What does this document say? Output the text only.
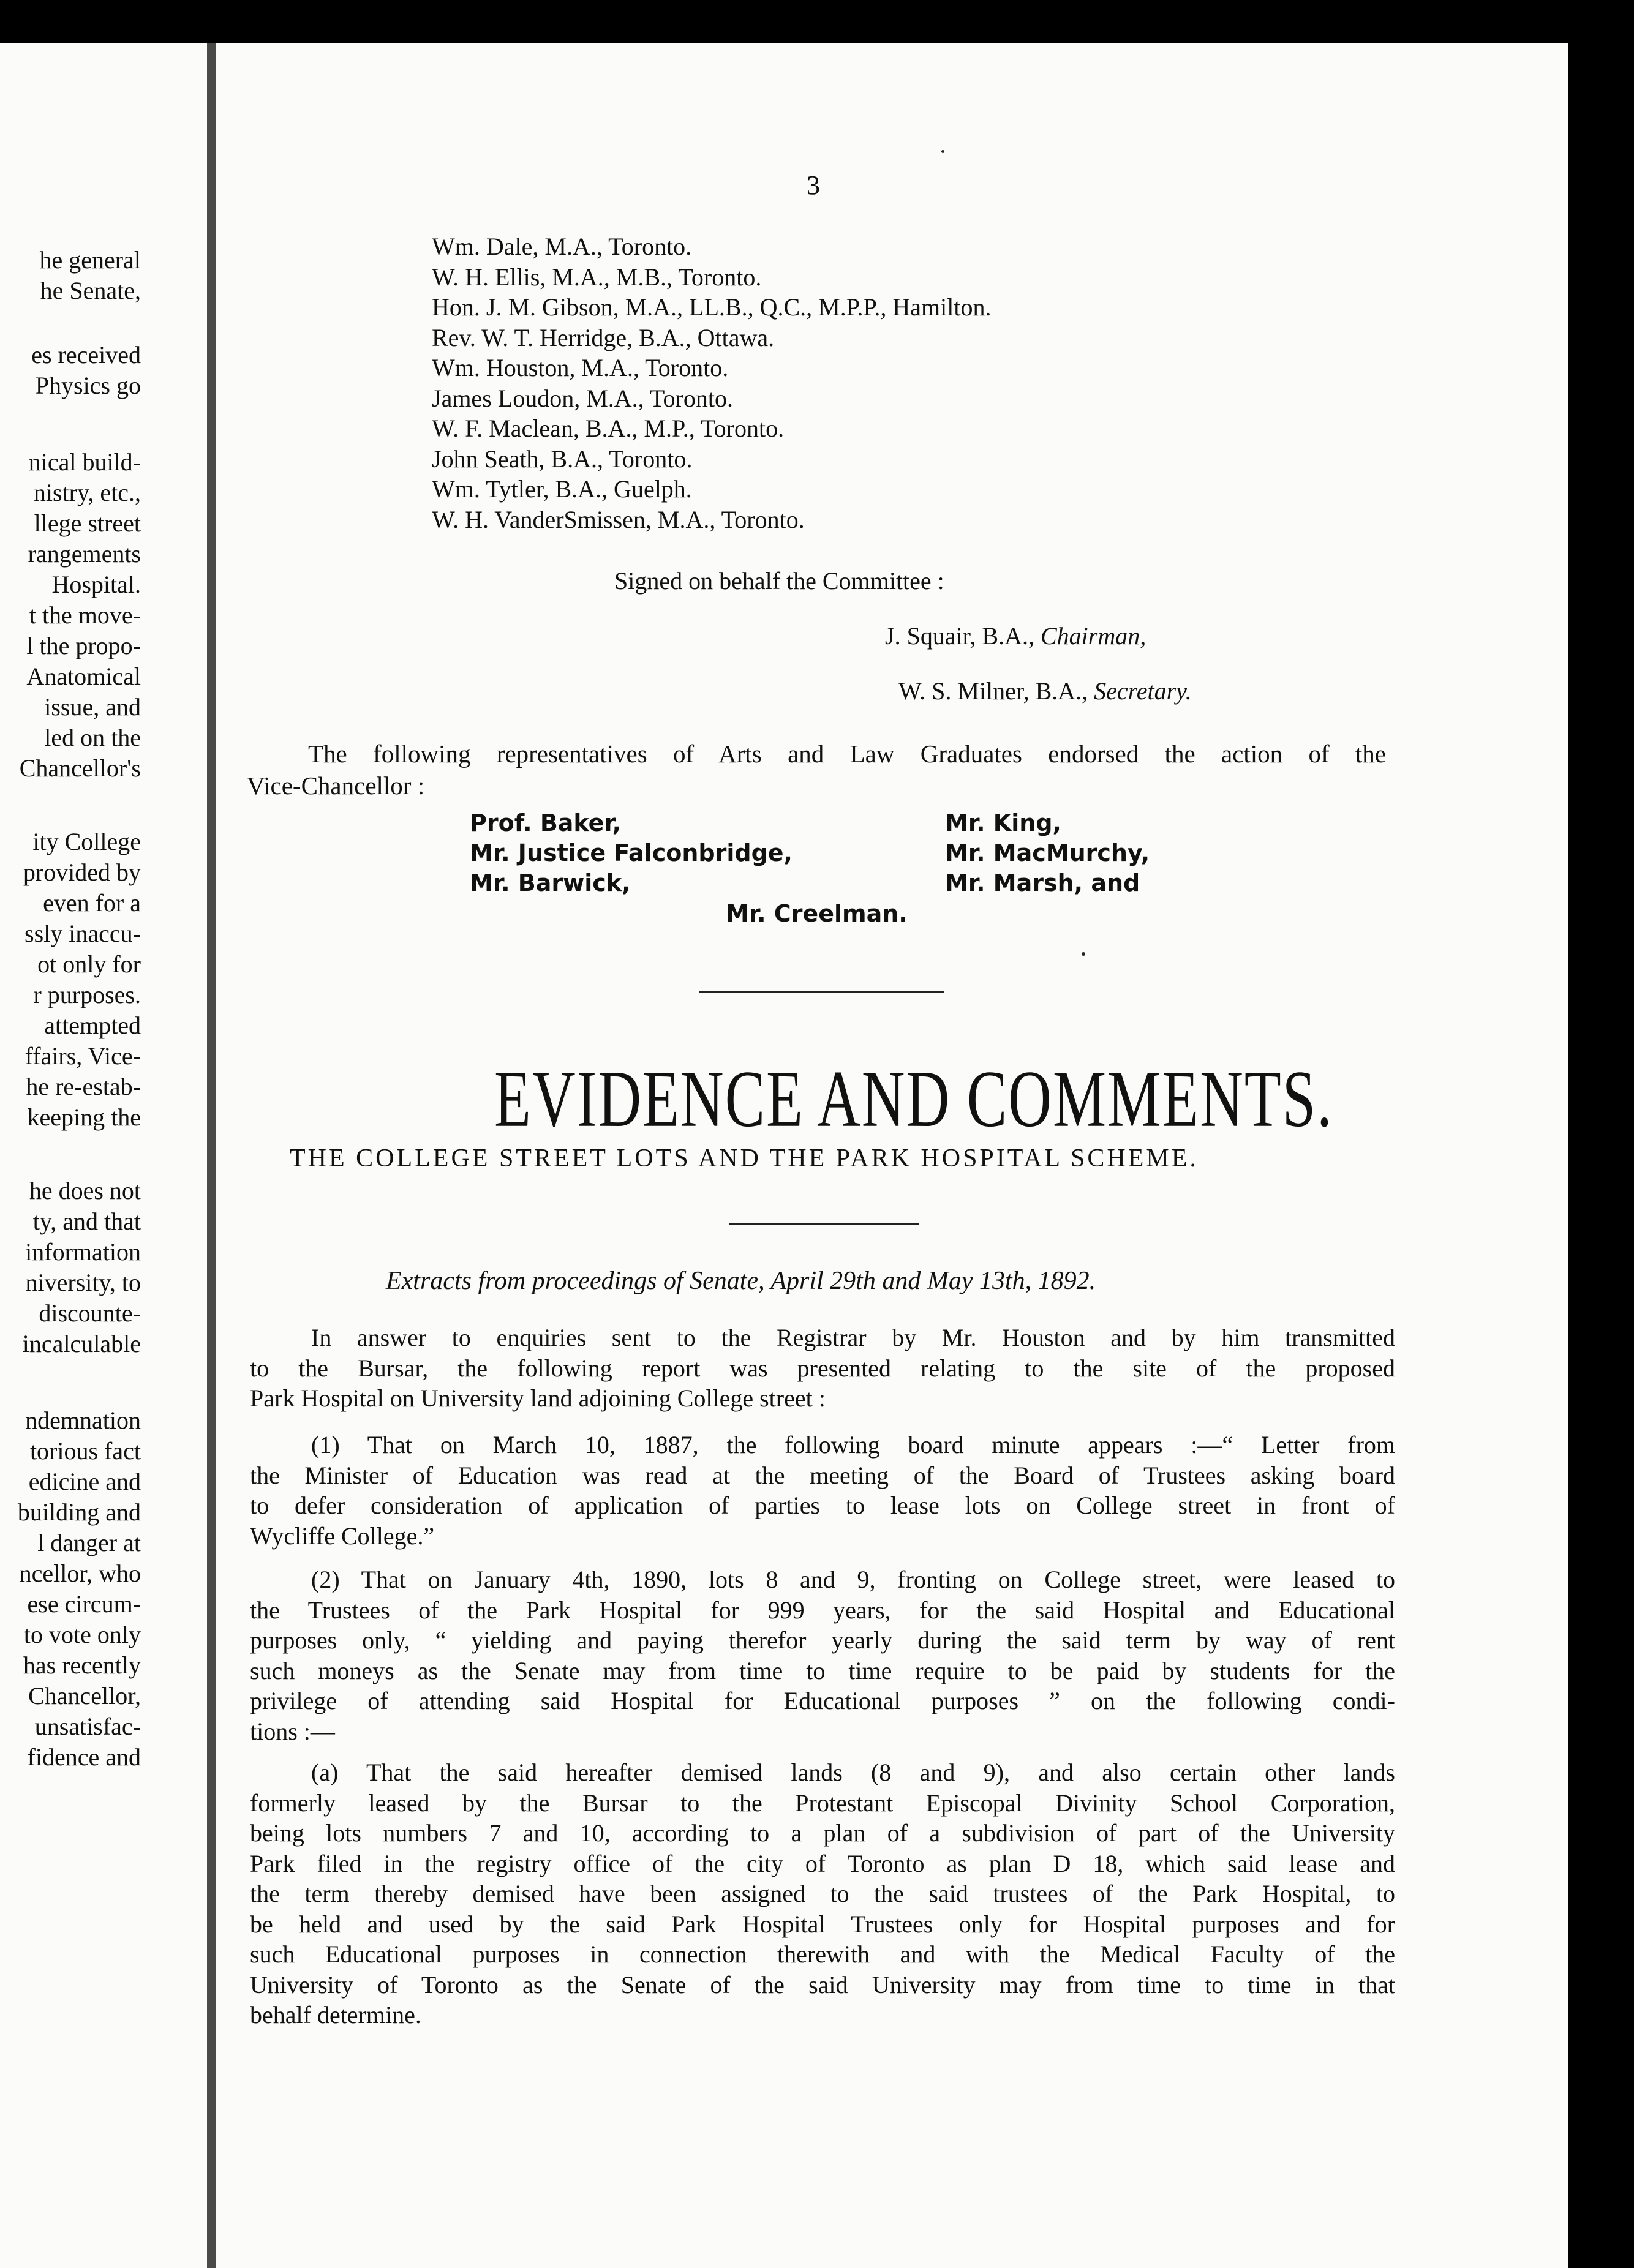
he general
he Senate,
es received
Physics go
nical build-
nistry, etc.,
llege street
rangements
Hospital.
t the move-
l the propo-
Anatomical
issue, and
led on the
Chancellor's
ity College
provided by
even for a
ssly inaccu-
ot only for
r purposes.
attempted
ffairs, Vice-
he re-estab-
keeping the
he does not
ty, and that
information
niversity, to
discounte-
incalculable
ndemnation
torious fact
edicine and
building and
l danger at
ncellor, who
ese circum-
to vote only
has recently
Chancellor,
unsatisfac-
fidence and
3
Wm. Dale, M.A., Toronto.
W. H. Ellis, M.A., M.B., Toronto.
Hon. J. M. Gibson, M.A., LL.B., Q.C., M.P.P., Hamilton.
Rev. W. T. Herridge, B.A., Ottawa.
Wm. Houston, M.A., Toronto.
James Loudon, M.A., Toronto.
W. F. Maclean, B.A., M.P., Toronto.
John Seath, B.A., Toronto.
Wm. Tytler, B.A., Guelph.
W. H. VanderSmissen, M.A., Toronto.
Signed on behalf the Committee :
J. Squair, B.A., Chairman,
W. S. Milner, B.A., Secretary.
The following representatives of Arts and Law Graduates endorsed the action of the
Vice-Chancellor :
Prof. Baker,
Mr. Justice Falconbridge,
Mr. Barwick,
Mr. King,
Mr. MacMurchy,
Mr. Marsh, and
Mr. Creelman.
EVIDENCE AND COMMENTS.
THE COLLEGE STREET LOTS AND THE PARK HOSPITAL SCHEME.
Extracts from proceedings of Senate, April 29th and May 13th, 1892.
In answer to enquiries sent to the Registrar by Mr. Houston and by him transmitted
to the Bursar, the following report was presented relating to the site of the proposed
Park Hospital on University land adjoining College street :
(1) That on March 10, 1887, the following board minute appears :—“ Letter from
the Minister of Education was read at the meeting of the Board of Trustees asking board
to defer consideration of application of parties to lease lots on College street in front of
Wycliffe College.”
(2) That on January 4th, 1890, lots 8 and 9, fronting on College street, were leased to
the Trustees of the Park Hospital for 999 years, for the said Hospital and Educational
purposes only, “ yielding and paying therefor yearly during the said term by way of rent
such moneys as the Senate may from time to time require to be paid by students for the
privilege of attending said Hospital for Educational purposes ” on the following condi-
tions :—
(a) That the said hereafter demised lands (8 and 9), and also certain other lands
formerly leased by the Bursar to the Protestant Episcopal Divinity School Corporation,
being lots numbers 7 and 10, according to a plan of a subdivision of part of the University
Park filed in the registry office of the city of Toronto as plan D 18, which said lease and
the term thereby demised have been assigned to the said trustees of the Park Hospital, to
be held and used by the said Park Hospital Trustees only for Hospital purposes and for
such Educational purposes in connection therewith and with the Medical Faculty of the
University of Toronto as the Senate of the said University may from time to time in that
behalf determine.
